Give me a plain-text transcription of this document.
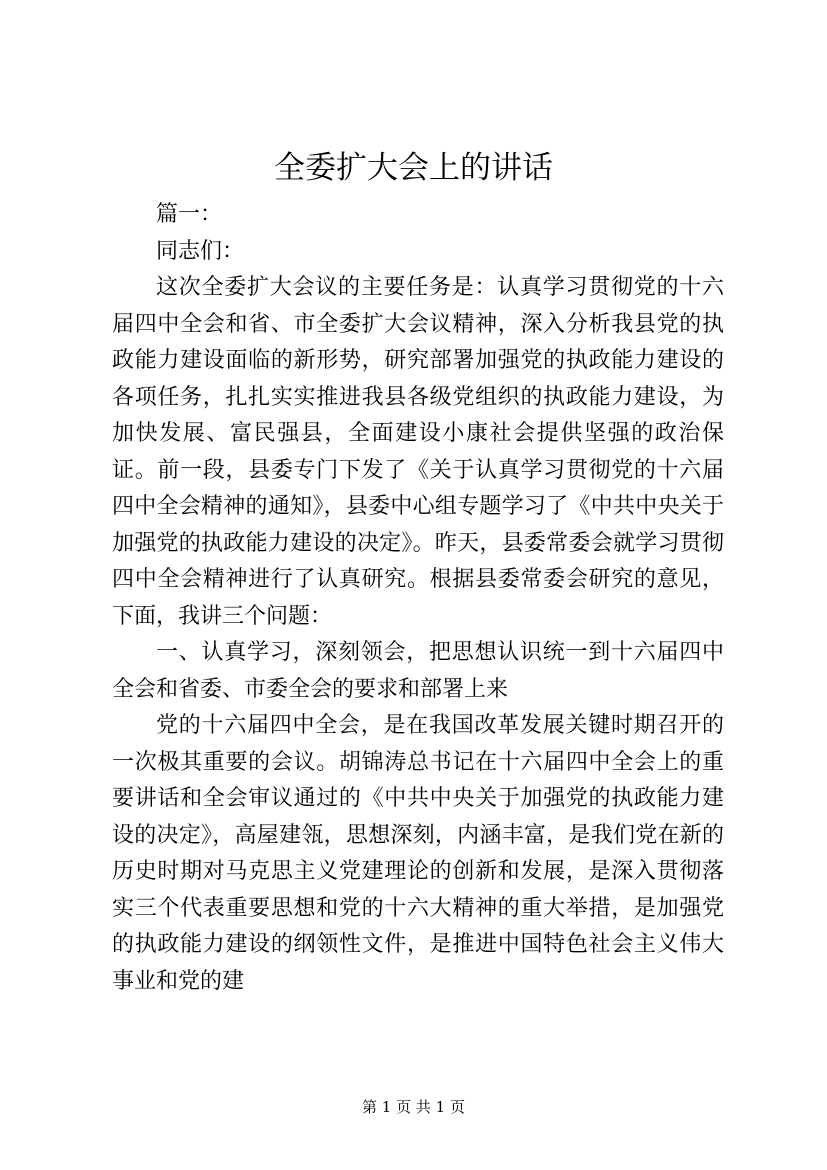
全委扩大会上的讲话

篇一：

同志们：

这次全委扩大会议的主要任务是：认真学习贯彻党的十六届四中全会和省、市全委扩大会议精神，深入分析我县党的执政能力建设面临的新形势，研究部署加强党的执政能力建设的各项任务，扎扎实实推进我县各级党组织的执政能力建设，为加快发展、富民强县，全面建设小康社会提供坚强的政治保证。前一段，县委专门下发了《关于认真学习贯彻党的十六届四中全会精神的通知》，县委中心组专题学习了《中共中央关于加强党的执政能力建设的决定》。昨天，县委常委会就学习贯彻四中全会精神进行了认真研究。根据县委常委会研究的意见，下面，我讲三个问题：

一、认真学习，深刻领会，把思想认识统一到十六届四中全会和省委、市委全会的要求和部署上来

党的十六届四中全会，是在我国改革发展关键时期召开的一次极其重要的会议。胡锦涛总书记在十六届四中全会上的重要讲话和全会审议通过的《中共中央关于加强党的执政能力建设的决定》，高屋建瓴，思想深刻，内涵丰富，是我们党在新的历史时期对马克思主义党建理论的创新和发展，是深入贯彻落实三个代表重要思想和党的十六大精神的重大举措，是加强党的执政能力建设的纲领性文件，是推进中国特色社会主义伟大事业和党的建

第 1 页 共 1 页
